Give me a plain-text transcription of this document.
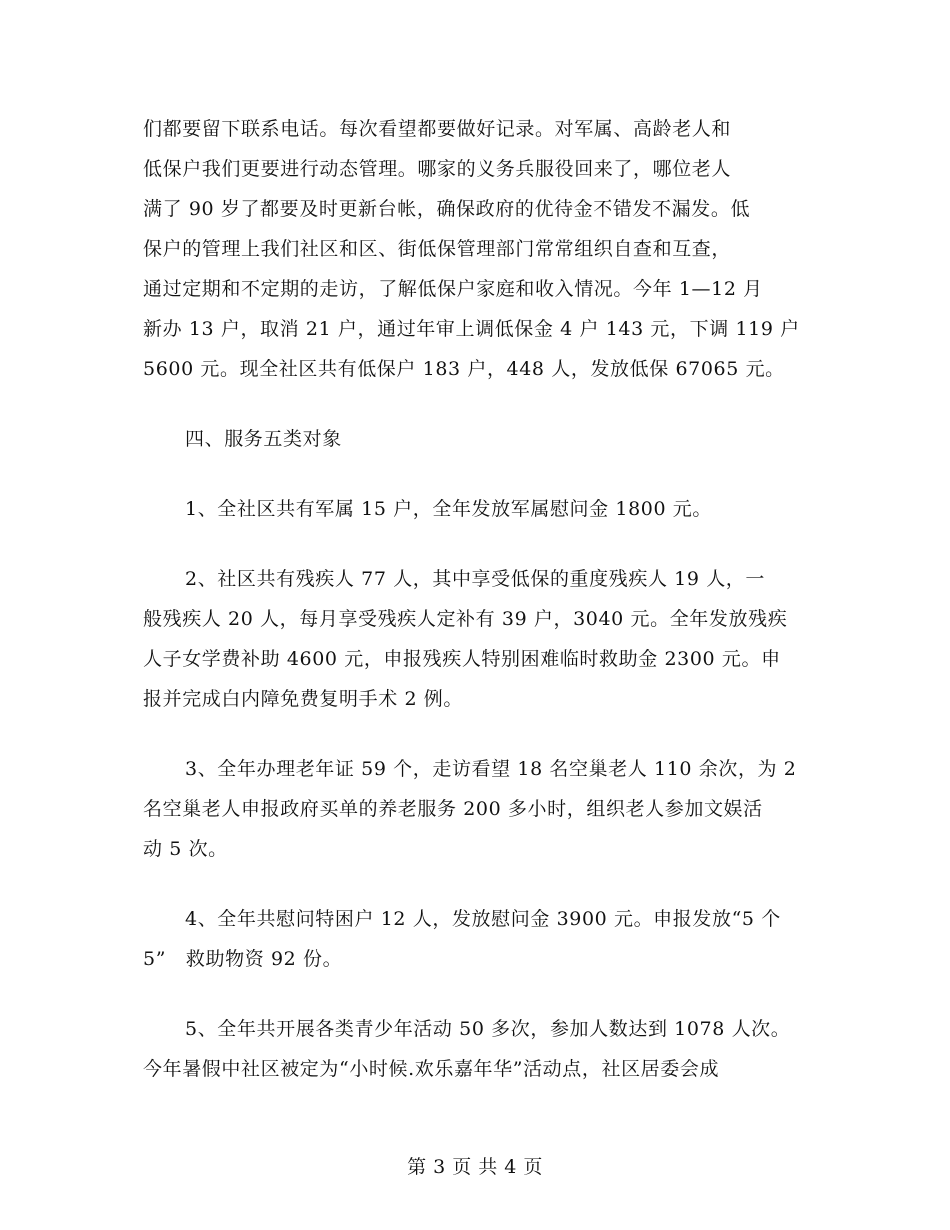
们都要留下联系电话。每次看望都要做好记录。对军属、高龄老人和
低保户我们更要进行动态管理。哪家的义务兵服役回来了，哪位老人
满了 90 岁了都要及时更新台帐，确保政府的优待金不错发不漏发。低
保户的管理上我们社区和区、街低保管理部门常常组织自查和互查，
通过定期和不定期的走访，了解低保户家庭和收入情况。今年 1—12 月
新办 13 户，取消 21 户，通过年审上调低保金 4 户 143 元，下调 119 户
5600 元。现全社区共有低保户 183 户，448 人，发放低保 67065 元。
四、服务五类对象
1、全社区共有军属 15 户，全年发放军属慰问金 1800 元。
2、社区共有残疾人 77 人，其中享受低保的重度残疾人 19 人，一
般残疾人 20 人，每月享受残疾人定补有 39 户，3040 元。全年发放残疾
人子女学费补助 4600 元，申报残疾人特别困难临时救助金 2300 元。申
报并完成白内障免费复明手术 2 例。
3、全年办理老年证 59 个，走访看望 18 名空巢老人 110 余次，为 2
名空巢老人申报政府买单的养老服务 200 多小时，组织老人参加文娱活
动 5 次。
4、全年共慰问特困户 12 人，发放慰问金 3900 元。申报发放“5 个
5”   救助物资 92 份。
5、全年共开展各类青少年活动 50 多次，参加人数达到 1078 人次。
今年暑假中社区被定为“小时候.欢乐嘉年华”活动点，社区居委会成
第 3 页 共 4 页
